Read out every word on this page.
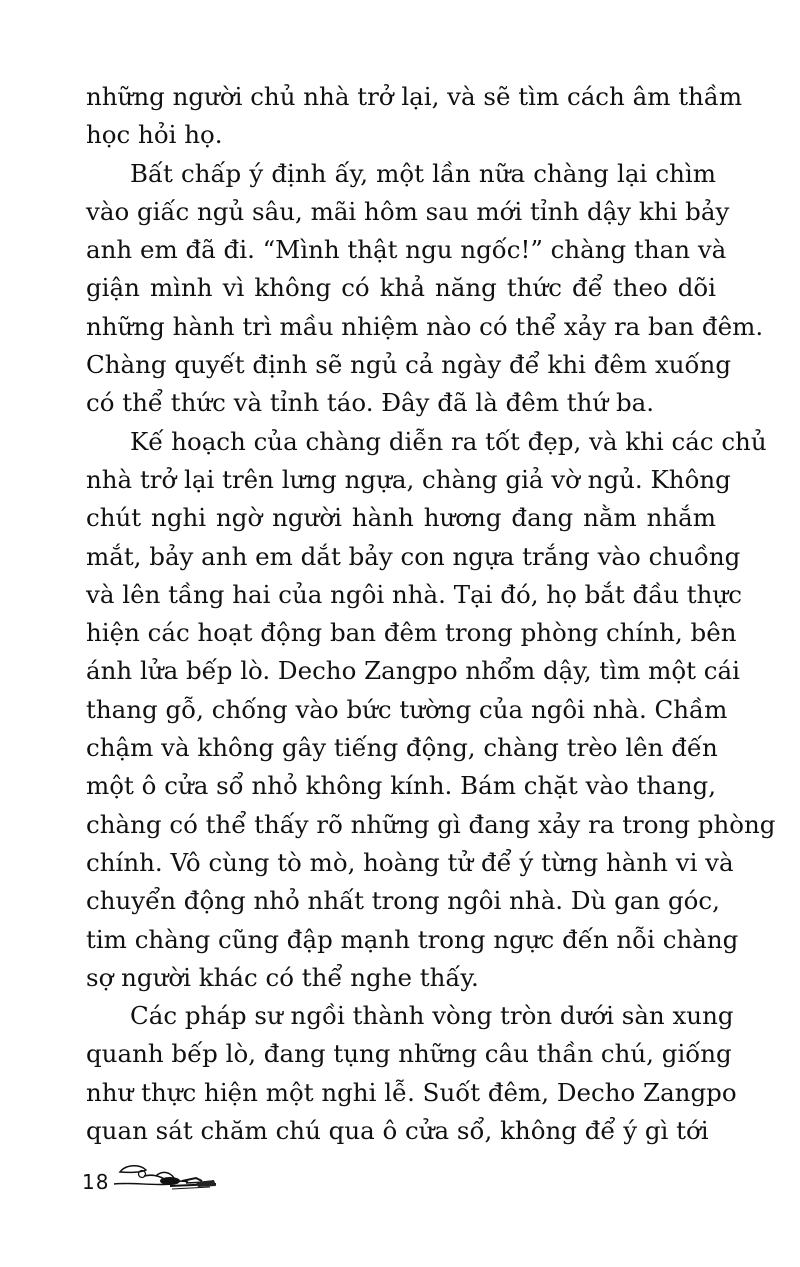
những người chủ nhà trở lại, và sẽ tìm cách âm thầm
học hỏi họ.
Bất chấp ý định ấy, một lần nữa chàng lại chìm
vào giấc ngủ sâu, mãi hôm sau mới tỉnh dậy khi bảy
anh em đã đi. “Mình thật ngu ngốc!” chàng than và
giận mình vì không có khả năng thức để theo dõi
những hành trì mầu nhiệm nào có thể xảy ra ban đêm.
Chàng quyết định sẽ ngủ cả ngày để khi đêm xuống
có thể thức và tỉnh táo. Đây đã là đêm thứ ba.
Kế hoạch của chàng diễn ra tốt đẹp, và khi các chủ
nhà trở lại trên lưng ngựa, chàng giả vờ ngủ. Không
chút nghi ngờ người hành hương đang nằm nhắm
mắt, bảy anh em dắt bảy con ngựa trắng vào chuồng
và lên tầng hai của ngôi nhà. Tại đó, họ bắt đầu thực
hiện các hoạt động ban đêm trong phòng chính, bên
ánh lửa bếp lò. Decho Zangpo nhổm dậy, tìm một cái
thang gỗ, chống vào bức tường của ngôi nhà. Chầm
chậm và không gây tiếng động, chàng trèo lên đến
một ô cửa sổ nhỏ không kính. Bám chặt vào thang,
chàng có thể thấy rõ những gì đang xảy ra trong phòng
chính. Vô cùng tò mò, hoàng tử để ý từng hành vi và
chuyển động nhỏ nhất trong ngôi nhà. Dù gan góc,
tim chàng cũng đập mạnh trong ngực đến nỗi chàng
sợ người khác có thể nghe thấy.
Các pháp sư ngồi thành vòng tròn dưới sàn xung
quanh bếp lò, đang tụng những câu thần chú, giống
như thực hiện một nghi lễ. Suốt đêm, Decho Zangpo
quan sát chăm chú qua ô cửa sổ, không để ý gì tới
18
